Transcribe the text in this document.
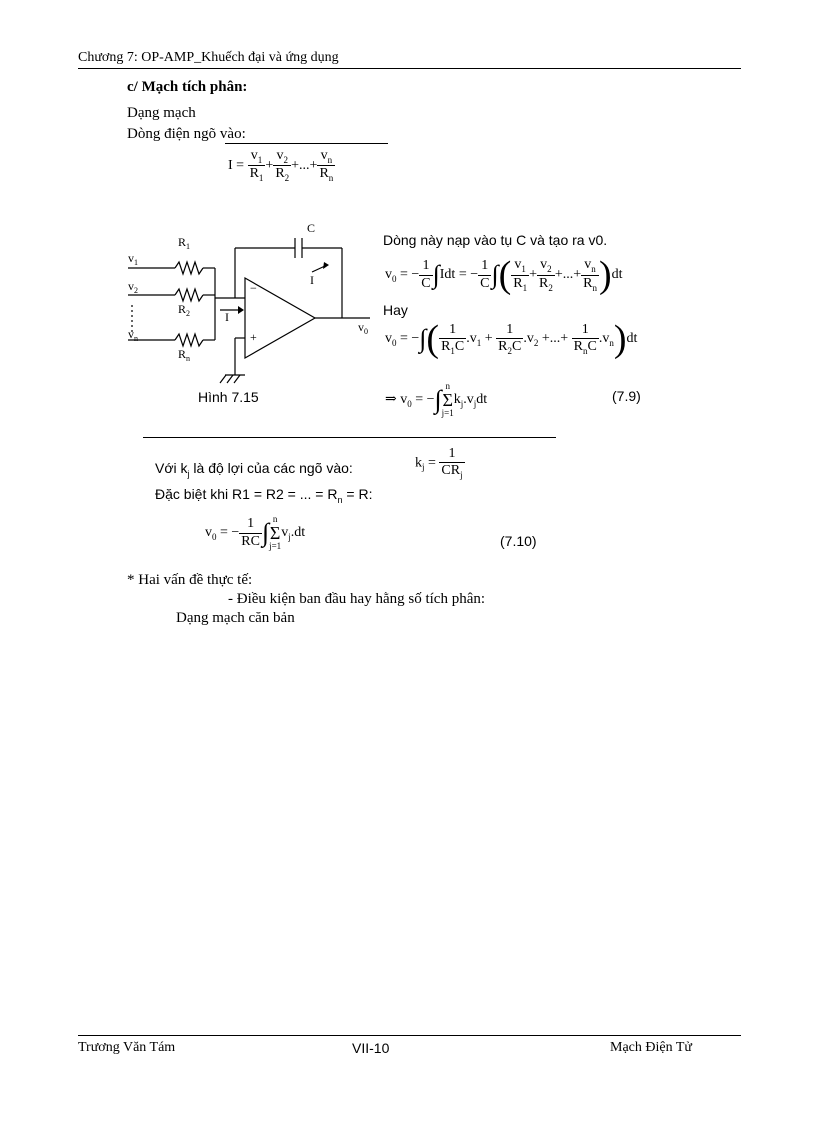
Chương 7: OP-AMP_Khuếch đại và ứng dụng
c/ Mạch tích phân:
Dạng mạch
Dòng điện ngõ vào:
$I = \frac{v_1}{R_1} + \frac{v_2}{R_2}$ +...+ $\frac{v_n}{R_n}$
$R_1$
$R_2$
$R_n$
C
$v_1$
$v_2$
$v_n$
I
I
−
+
$v_0$
Hình 7.15
Dòng này nạp vào tụ C và tạo ra v0.
$v_0$ = − $\frac{1}{C} \int Idt$ = − $\frac{1}{C}$ ∫( $\frac{v_1}{R_1} + \frac{v_2}{R_2}$ +...+ $\frac{v_n}{R_n} )dt$
Hay
$v_0$ = −∫( $\frac{1}{R_1C} .v_1 + \frac{1}{R_2C} .v_2$ +...+ $\frac{1}{R_nC} .v_n)dt$
⇒ $v_0$ = −∫ n
Σ
$j=1k_j.v_jdt$	(7.9)
Với $k_j$ là độ lợi của các ngõ vào:	$k_j = \frac{1}{CR_j}$
Đặc biệt khi R1 = R2 = ... = $R_n = R$:
$v_0$ = − $\frac{1}{RC}$ ∫ n
Σ
$j=1v_j.dt$
(7.10)
* Hai vấn đề thực tế:
- Điều kiện ban đầu hay hằng số tích phân:
Dạng mạch căn bản
Trương Văn Tám	VII-10	Mạch Điện Tử
